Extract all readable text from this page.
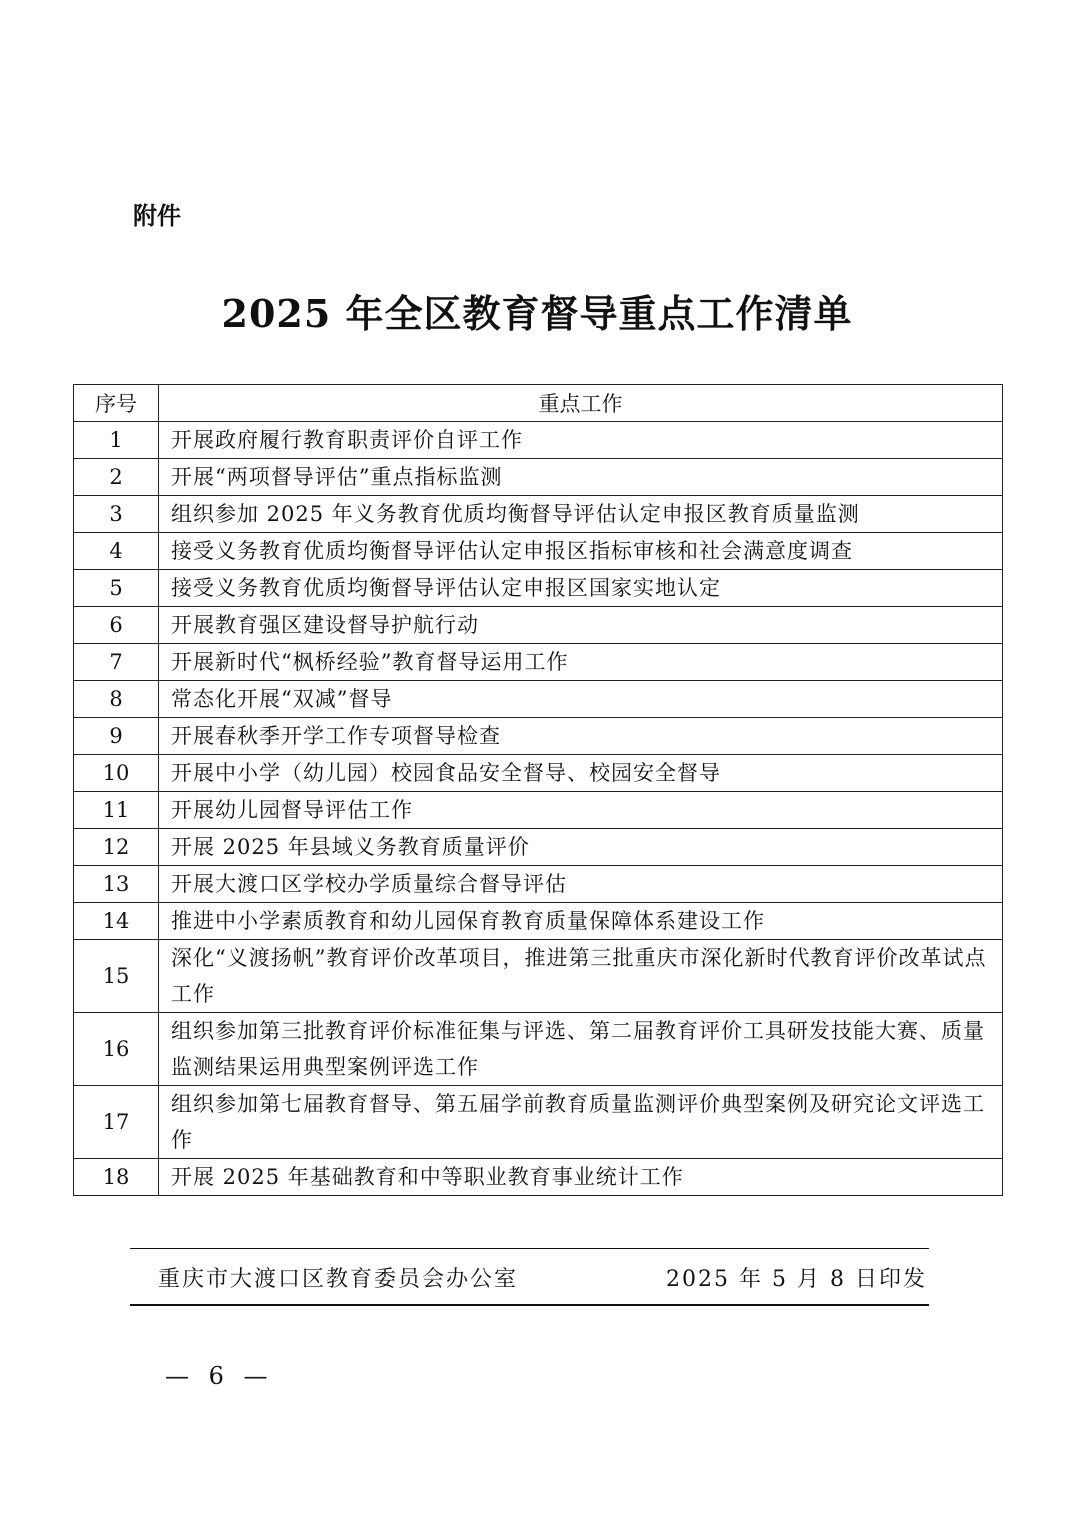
附件
2025 年全区教育督导重点工作清单
序号	重点工作
1	开展政府履行教育职责评价自评工作
2	开展“两项督导评估”重点指标监测
3	组织参加 2025 年义务教育优质均衡督导评估认定申报区教育质量监测
4	接受义务教育优质均衡督导评估认定申报区指标审核和社会满意度调查
5	接受义务教育优质均衡督导评估认定申报区国家实地认定
6	开展教育强区建设督导护航行动
7	开展新时代“枫桥经验”教育督导运用工作
8	常态化开展“双减”督导
9	开展春秋季开学工作专项督导检查
10	开展中小学（幼儿园）校园食品安全督导、校园安全督导
11	开展幼儿园督导评估工作
12	开展 2025 年县域义务教育质量评价
13	开展大渡口区学校办学质量综合督导评估
14	推进中小学素质教育和幼儿园保育教育质量保障体系建设工作
15	深化“义渡扬帆”教育评价改革项目，推进第三批重庆市深化新时代教育评价改革试点工作
16	组织参加第三批教育评价标准征集与评选、第二届教育评价工具研发技能大赛、质量监测结果运用典型案例评选工作
17	组织参加第七届教育督导、第五届学前教育质量监测评价典型案例及研究论文评选工作
18	开展 2025 年基础教育和中等职业教育事业统计工作
重庆市大渡口区教育委员会办公室	2025 年 5 月 8 日印发
— 6 —
